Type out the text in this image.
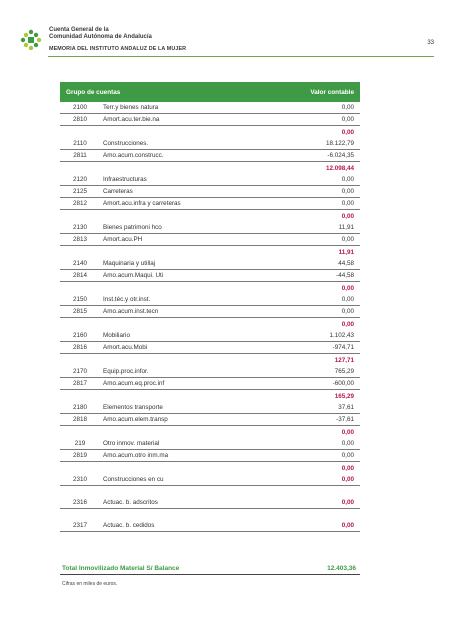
Cuenta General de la
Comunidad Autónoma de Andalucía
MEMORIA DEL INSTITUTO ANDALUZ DE LA MUJER
33
Grupo de cuentas	Valor contable
2100	Terr.y bienes natura	0,00
2810	Amort.acu.ter.bie.na	0,00
0,00
2110	Construcciones.	18.122,79
2811	Amo.acum.construcc.	-6.024,35
12.098,44
2120	Infraestructuras	0,00
2125	Carreteras	0,00
2812	Amort.acu.infra y carreteras	0,00
0,00
2130	Bienes patrimoni hco	11,91
2813	Amort.acu.PH	0,00
11,91
2140	Maquinaria y utillaj	44,58
2814	Amo.acum.Maqui. Uti	-44,58
0,00
2150	Inst.téc.y otr.inst.	0,00
2815	Amo.acum.inst.tecn	0,00
0,00
2160	Mobiliario	1.102,43
2816	Amort.acu.Mobi	-974,71
127,71
2170	Equip.proc.infor.	765,29
2817	Amo.acum.eq.proc.inf	-600,00
165,29
2180	Elementos transporte	37,61
2818	Amo.acum.elem.transp	-37,61
0,00
219	Otro inmov. material	0,00
2819	Amo.acum.otro inm.ma	0,00
0,00
2310	Construcciones en cu	0,00
2316	Actuac. b. adscritos	0,00
2317	Actuac. b. cedidos	0,00
Total Inmovilizado Material S/ Balance	12.403,36
Cifras en miles de euros.
